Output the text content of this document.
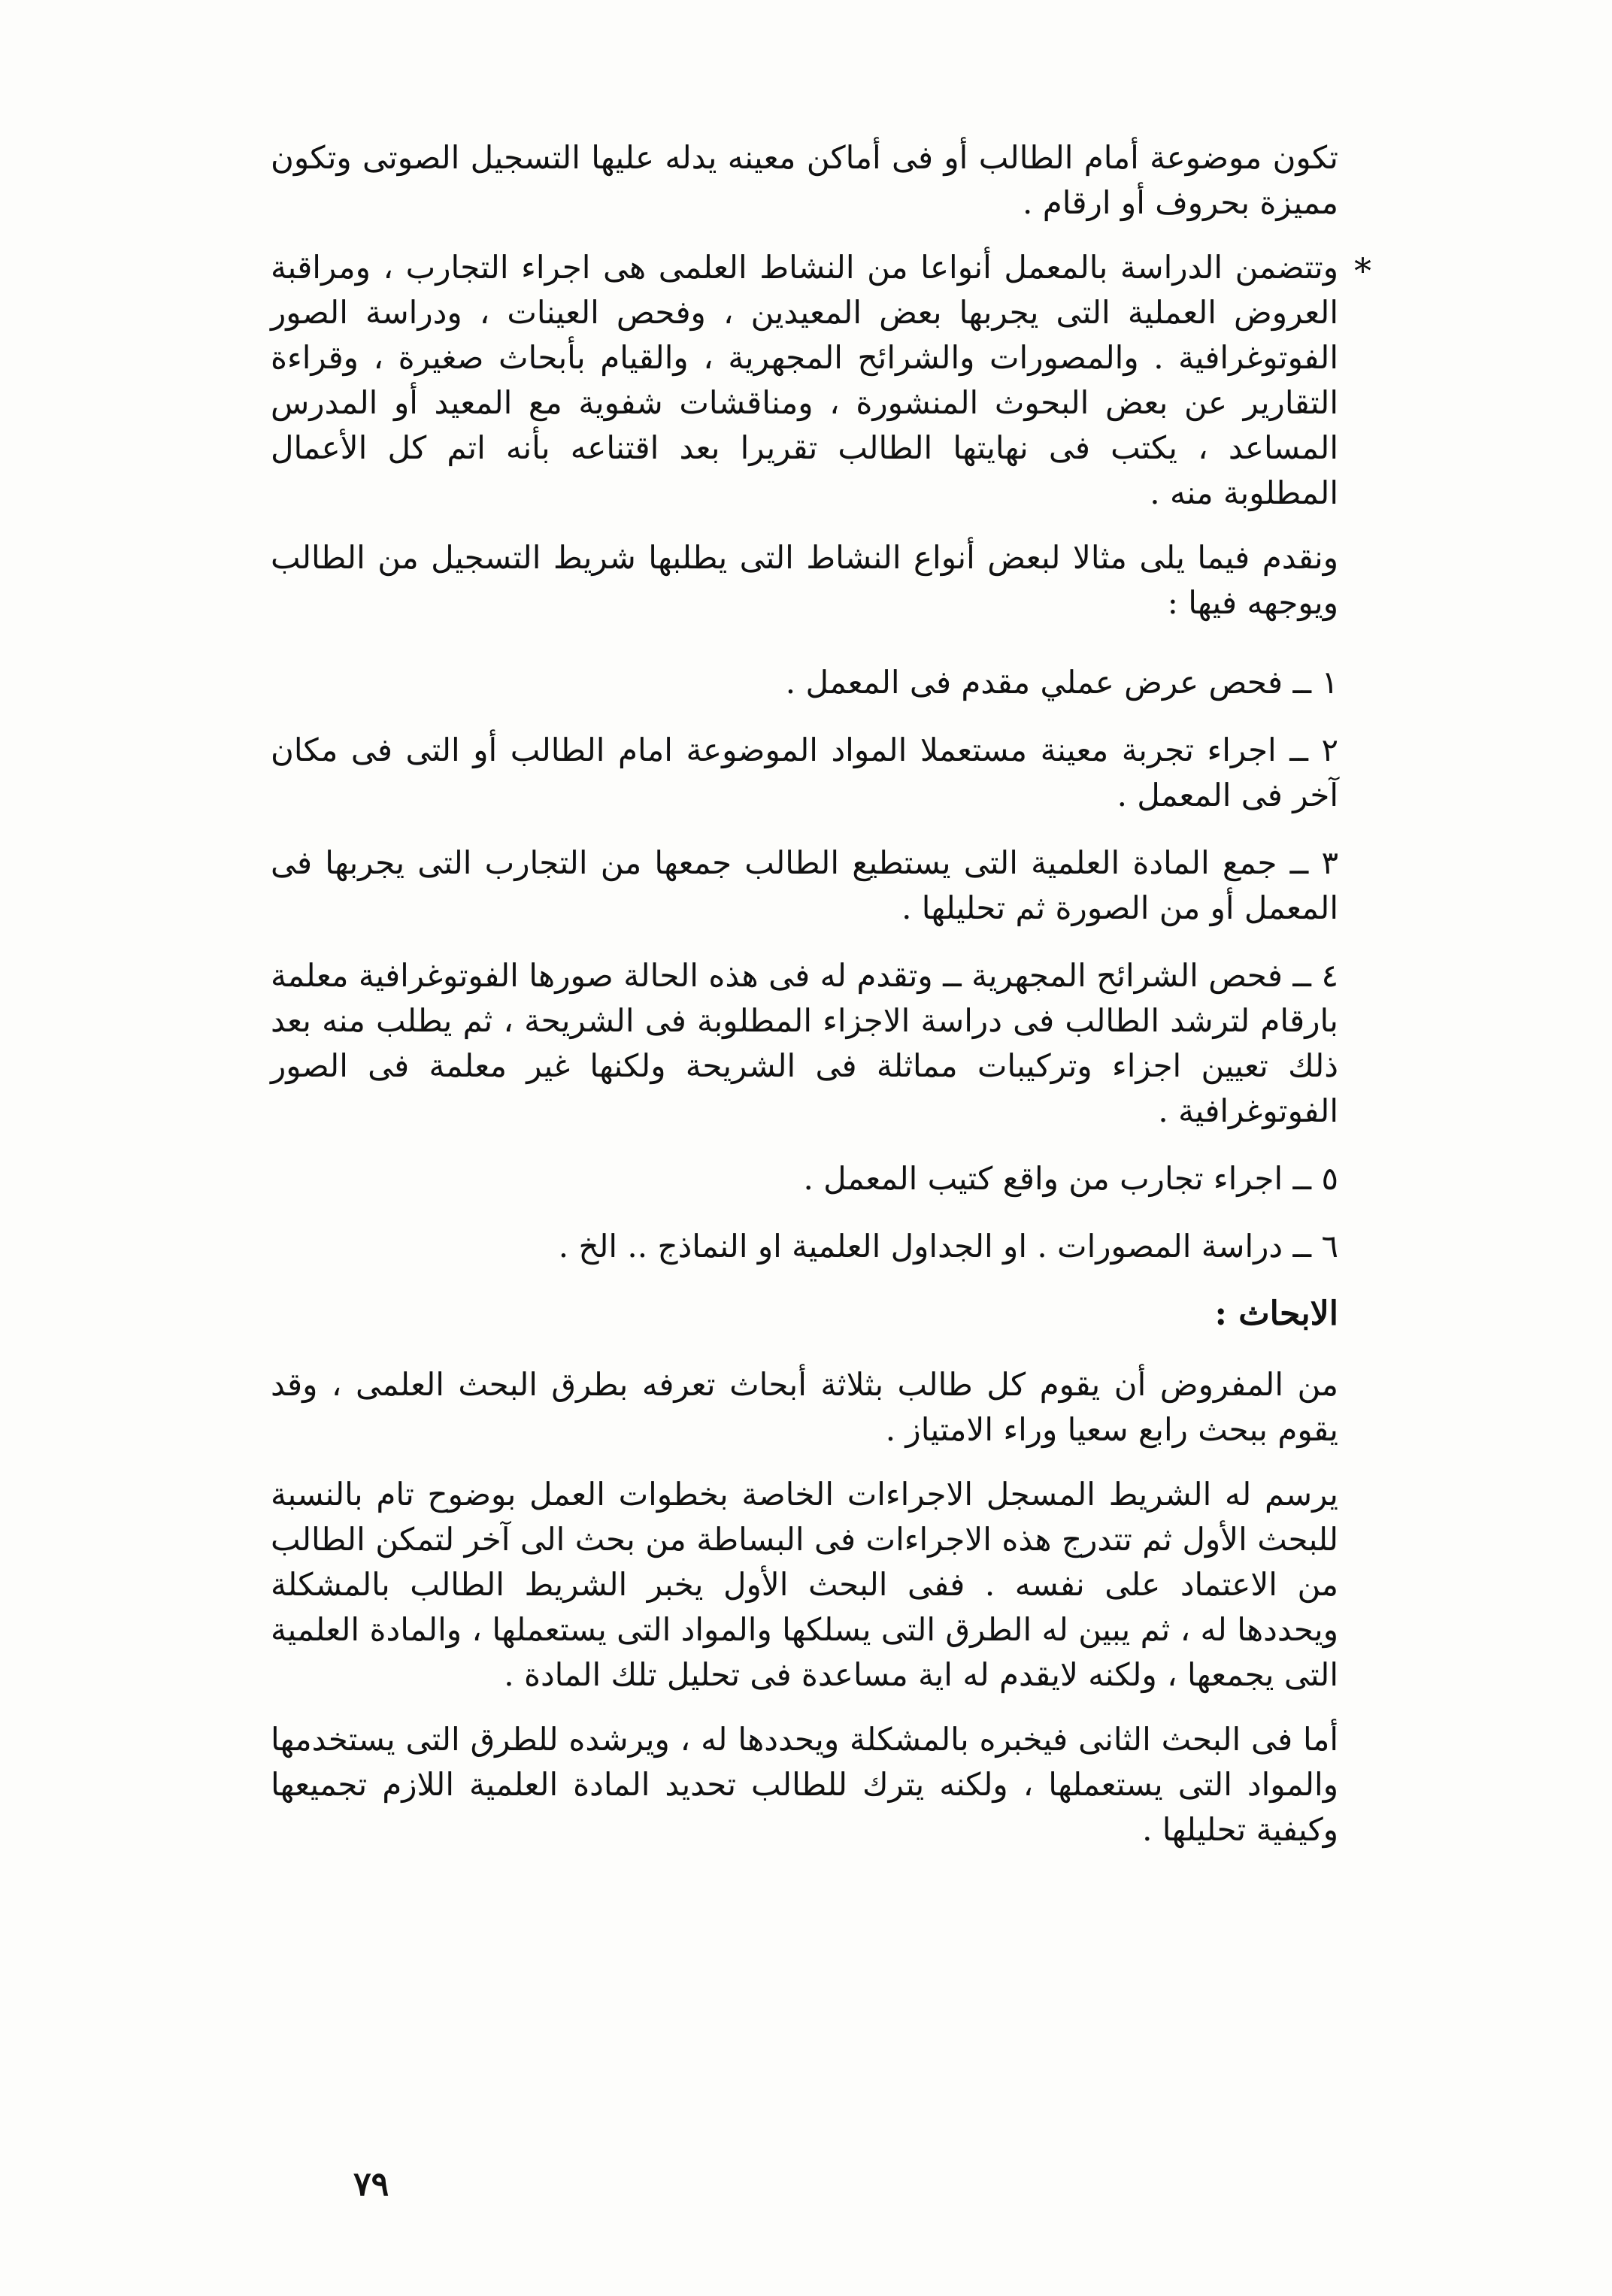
تكون موضوعة أمام الطالب أو فى أماكن معينه يدله عليها التسجيل الصوتى وتكون مميزة بحروف أو ارقام .

*
وتتضمن الدراسة بالمعمل أنواعا من النشاط العلمى هى اجراء التجارب ، ومراقبة العروض العملية التى يجربها بعض المعيدين ، وفحص العينات ، ودراسة الصور الفوتوغرافية . والمصورات والشرائح المجهرية ، والقيام بأبحاث صغيرة ، وقراءة التقارير عن بعض البحوث المنشورة ، ومناقشات شفوية مع المعيد أو المدرس المساعد ، يكتب فى نهايتها الطالب تقريرا بعد اقتناعه بأنه اتم كل الأعمال المطلوبة منه .

ونقدم فيما يلى مثالا لبعض أنواع النشاط التى يطلبها شريط التسجيل من الطالب ويوجهه فيها :

١ ــ فحص عرض عملي مقدم فى المعمل .
٢ ــ اجراء تجربة معينة مستعملا المواد الموضوعة امام الطالب أو التى فى مكان آخر فى المعمل .
٣ ــ جمع المادة العلمية التى يستطيع الطالب جمعها من التجارب التى يجربها فى المعمل أو من الصورة ثم تحليلها .
٤ ــ فحص الشرائح المجهرية ــ وتقدم له فى هذه الحالة صورها الفوتوغرافية معلمة بارقام لترشد الطالب فى دراسة الاجزاء المطلوبة فى الشريحة ، ثم يطلب منه بعد ذلك تعيين اجزاء وتركيبات مماثلة فى الشريحة ولكنها غير معلمة فى الصور الفوتوغرافية .
٥ ــ اجراء تجارب من واقع كتيب المعمل .
٦ ــ دراسة المصورات . او الجداول العلمية او النماذج .. الخ .
الابحاث :

من المفروض أن يقوم كل طالب بثلاثة أبحاث تعرفه بطرق البحث العلمى ، وقد يقوم ببحث رابع سعيا وراء الامتياز .

يرسم له الشريط المسجل الاجراءات الخاصة بخطوات العمل بوضوح تام بالنسبة للبحث الأول ثم تتدرج هذه الاجراءات فى البساطة من بحث الى آخر لتمكن الطالب من الاعتماد على نفسه . ففى البحث الأول يخبر الشريط الطالب بالمشكلة ويحددها له ، ثم يبين له الطرق التى يسلكها والمواد التى يستعملها ، والمادة العلمية التى يجمعها ، ولكنه لايقدم له اية مساعدة فى تحليل تلك المادة .

أما فى البحث الثانى فيخبره بالمشكلة ويحددها له ، ويرشده للطرق التى يستخدمها والمواد التى يستعملها ، ولكنه يترك للطالب تحديد المادة العلمية اللازم تجميعها وكيفية تحليلها .

٧٩
